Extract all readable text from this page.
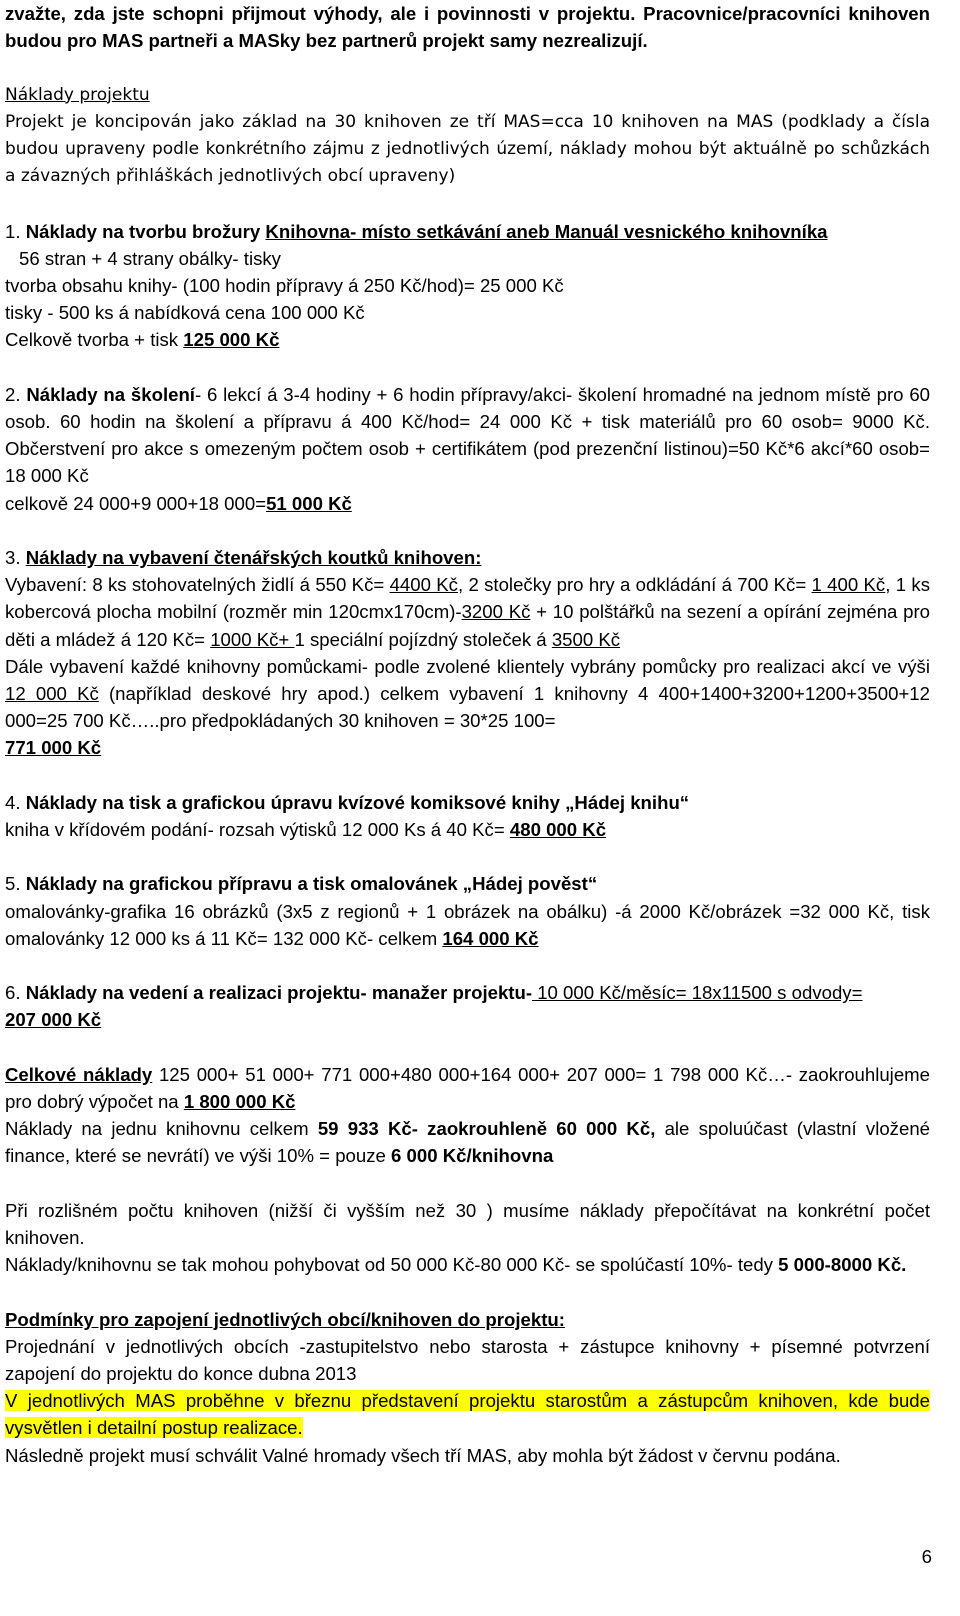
zvažte, zda jste schopni přijmout výhody, ale i povinnosti v projektu. Pracovnice/pracovníci knihoven budou pro MAS partneři a MASky bez partnerů projekt samy nezrealizují.

Náklady projektu

Projekt je koncipován jako základ na 30 knihoven ze tří MAS=cca 10 knihoven na MAS (podklady a čísla budou upraveny podle konkrétního zájmu z jednotlivých území, náklady mohou být aktuálně po schůzkách a závazných přihláškách jednotlivých obcí upraveny)

1. Náklady na tvorbu brožury Knihovna- místo setkávání aneb Manuál vesnického knihovníka

56 stran + 4 strany obálky- tisky

tvorba obsahu knihy- (100 hodin přípravy á 250 Kč/hod)= 25 000 Kč

tisky - 500 ks á nabídková cena 100 000 Kč

Celkově tvorba + tisk 125 000 Kč

2. Náklady na školení- 6 lekcí á 3-4 hodiny + 6 hodin přípravy/akci- školení hromadné na jednom místě pro 60 osob. 60 hodin na školení a přípravu á 400 Kč/hod= 24 000 Kč + tisk materiálů pro 60 osob= 9000 Kč. Občerstvení pro akce s omezeným počtem osob + certifikátem (pod prezenční listinou)=50 Kč*6 akcí*60 osob= 18 000 Kč

celkově 24 000+9 000+18 000=51 000 Kč

3. Náklady na vybavení čtenářských koutků knihoven:

Vybavení: 8 ks stohovatelných židlí á 550 Kč= 4400 Kč, 2 stolečky pro hry a odkládání á 700 Kč= 1 400 Kč, 1 ks kobercová plocha mobilní (rozměr min 120cmx170cm)-3200 Kč + 10 polštářků na sezení a opírání zejména pro děti a mládež á 120 Kč= 1000 Kč+ 1 speciální pojízdný stoleček á 3500 Kč

Dále vybavení každé knihovny pomůckami- podle zvolené klientely vybrány pomůcky pro realizaci akcí ve výši 12 000 Kč (například deskové hry apod.) celkem vybavení 1 knihovny 4 400+1400+3200+1200+3500+12 000=25 700 Kč…..pro předpokládaných 30 knihoven = 30*25 100=

771 000 Kč

4. Náklady na tisk a grafickou úpravu kvízové komiksové knihy „Hádej knihu“

kniha v křídovém podání- rozsah výtisků 12 000 Ks á 40 Kč= 480 000 Kč

5. Náklady na grafickou přípravu a tisk omalovánek „Hádej pověst“

omalovánky-grafika 16 obrázků (3x5 z regionů + 1 obrázek na obálku) -á 2000 Kč/obrázek =32 000 Kč, tisk omalovánky 12 000 ks á 11 Kč= 132 000 Kč- celkem 164 000 Kč

6. Náklady na vedení a realizaci projektu- manažer projektu- 10 000 Kč/měsíc= 18x11500 s odvody=

207 000 Kč

Celkové náklady 125 000+ 51 000+ 771 000+480 000+164 000+ 207 000= 1 798 000 Kč…- zaokrouhlujeme pro dobrý výpočet na 1 800 000 Kč

Náklady na jednu knihovnu celkem 59 933 Kč- zaokrouhleně 60 000 Kč, ale spoluúčast (vlastní vložené finance, které se nevrátí) ve výši 10% = pouze 6 000 Kč/knihovna

Při rozlišném počtu knihoven (nižší či vyšším než 30 ) musíme náklady přepočítávat na konkrétní počet knihoven.

Náklady/knihovnu se tak mohou pohybovat od 50 000 Kč-80 000 Kč- se spolúčastí 10%- tedy 5 000-8000 Kč.

Podmínky pro zapojení jednotlivých obcí/knihoven do projektu:

Projednání v jednotlivých obcích -zastupitelstvo nebo starosta + zástupce knihovny + písemné potvrzení zapojení do projektu do konce dubna 2013

V jednotlivých MAS proběhne v březnu představení projektu starostům a zástupcům knihoven, kde bude vysvětlen i detailní postup realizace.

Následně projekt musí schválit Valné hromady všech tří MAS, aby mohla být žádost v červnu podána.

6
